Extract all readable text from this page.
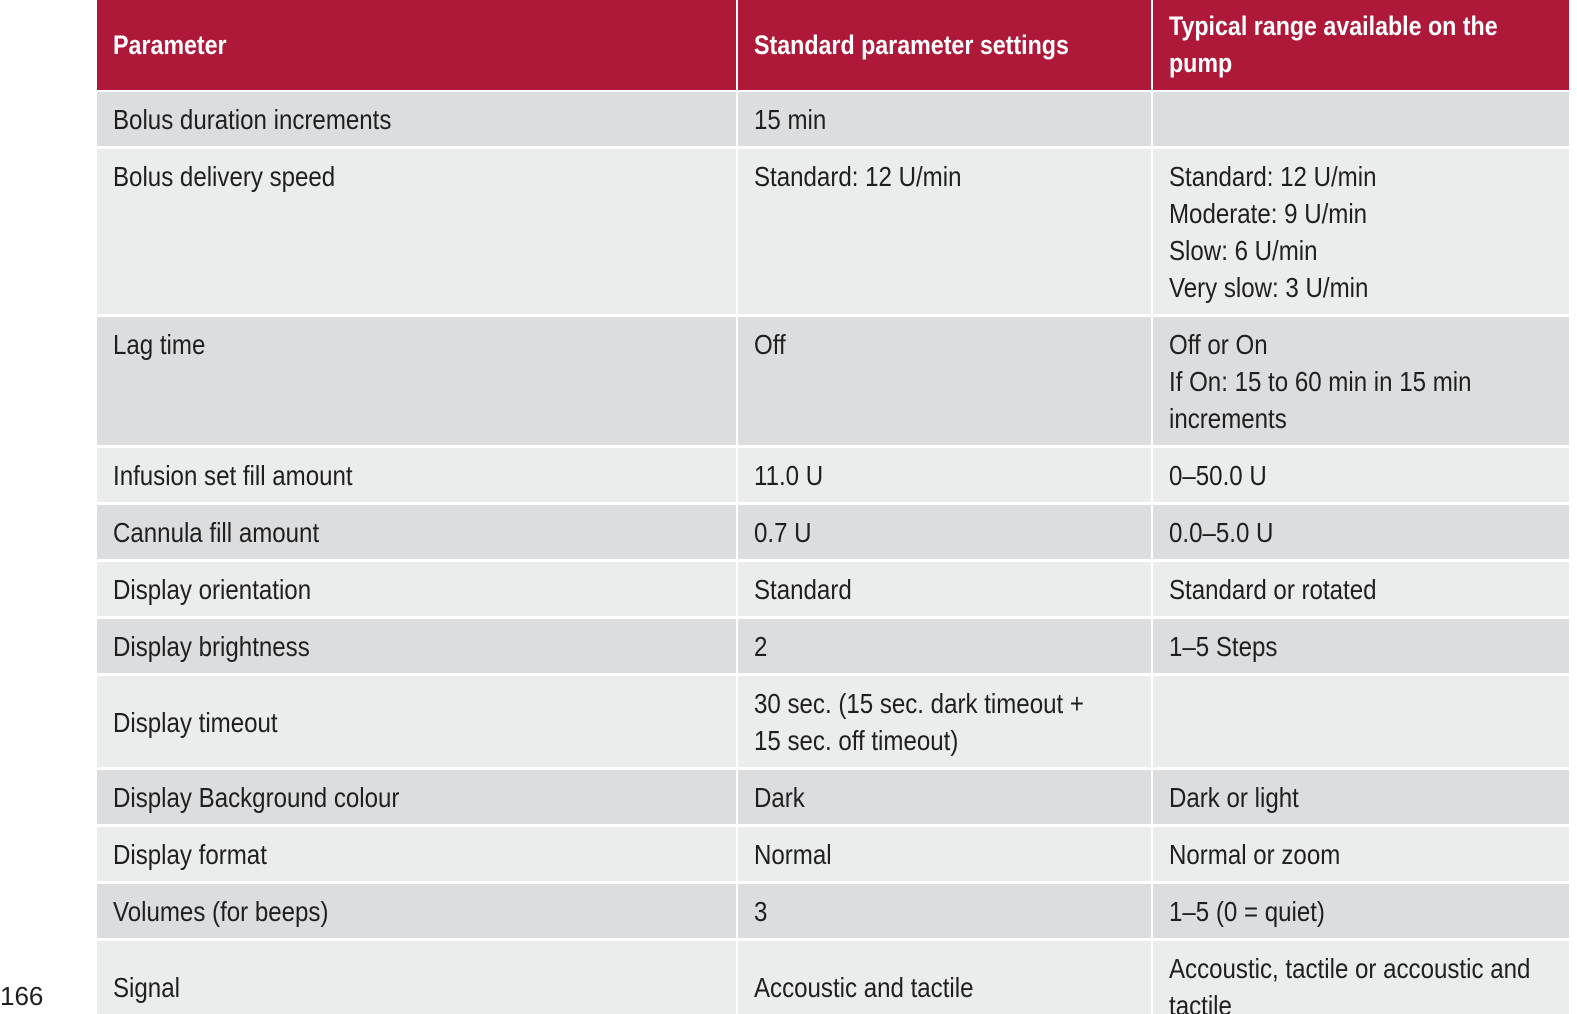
Parameter	Standard parameter settings	Typical range available on the pump
Bolus duration increments	15 min	
Bolus delivery speed	Standard: 12 U/min	Standard: 12 U/minModerate: 9 U/minSlow: 6 U/minVery slow: 3 U/min
Lag time	Off	Off or OnIf On: 15 to 60 min in 15 minincrements
Infusion set fill amount	11.0 U	0–50.0 U
Cannula fill amount	0.7 U	0.0–5.0 U
Display orientation	Standard	Standard or rotated
Display brightness	2	1–5 Steps
Display timeout	30 sec. (15 sec. dark timeout +15 sec. off timeout)	
Display Background colour	Dark	Dark or light
Display format	Normal	Normal or zoom
Volumes (for beeps)	3	1–5 (0 = quiet)
Signal	Accoustic and tactile	Accoustic, tactile or accoustic andtactile
166
